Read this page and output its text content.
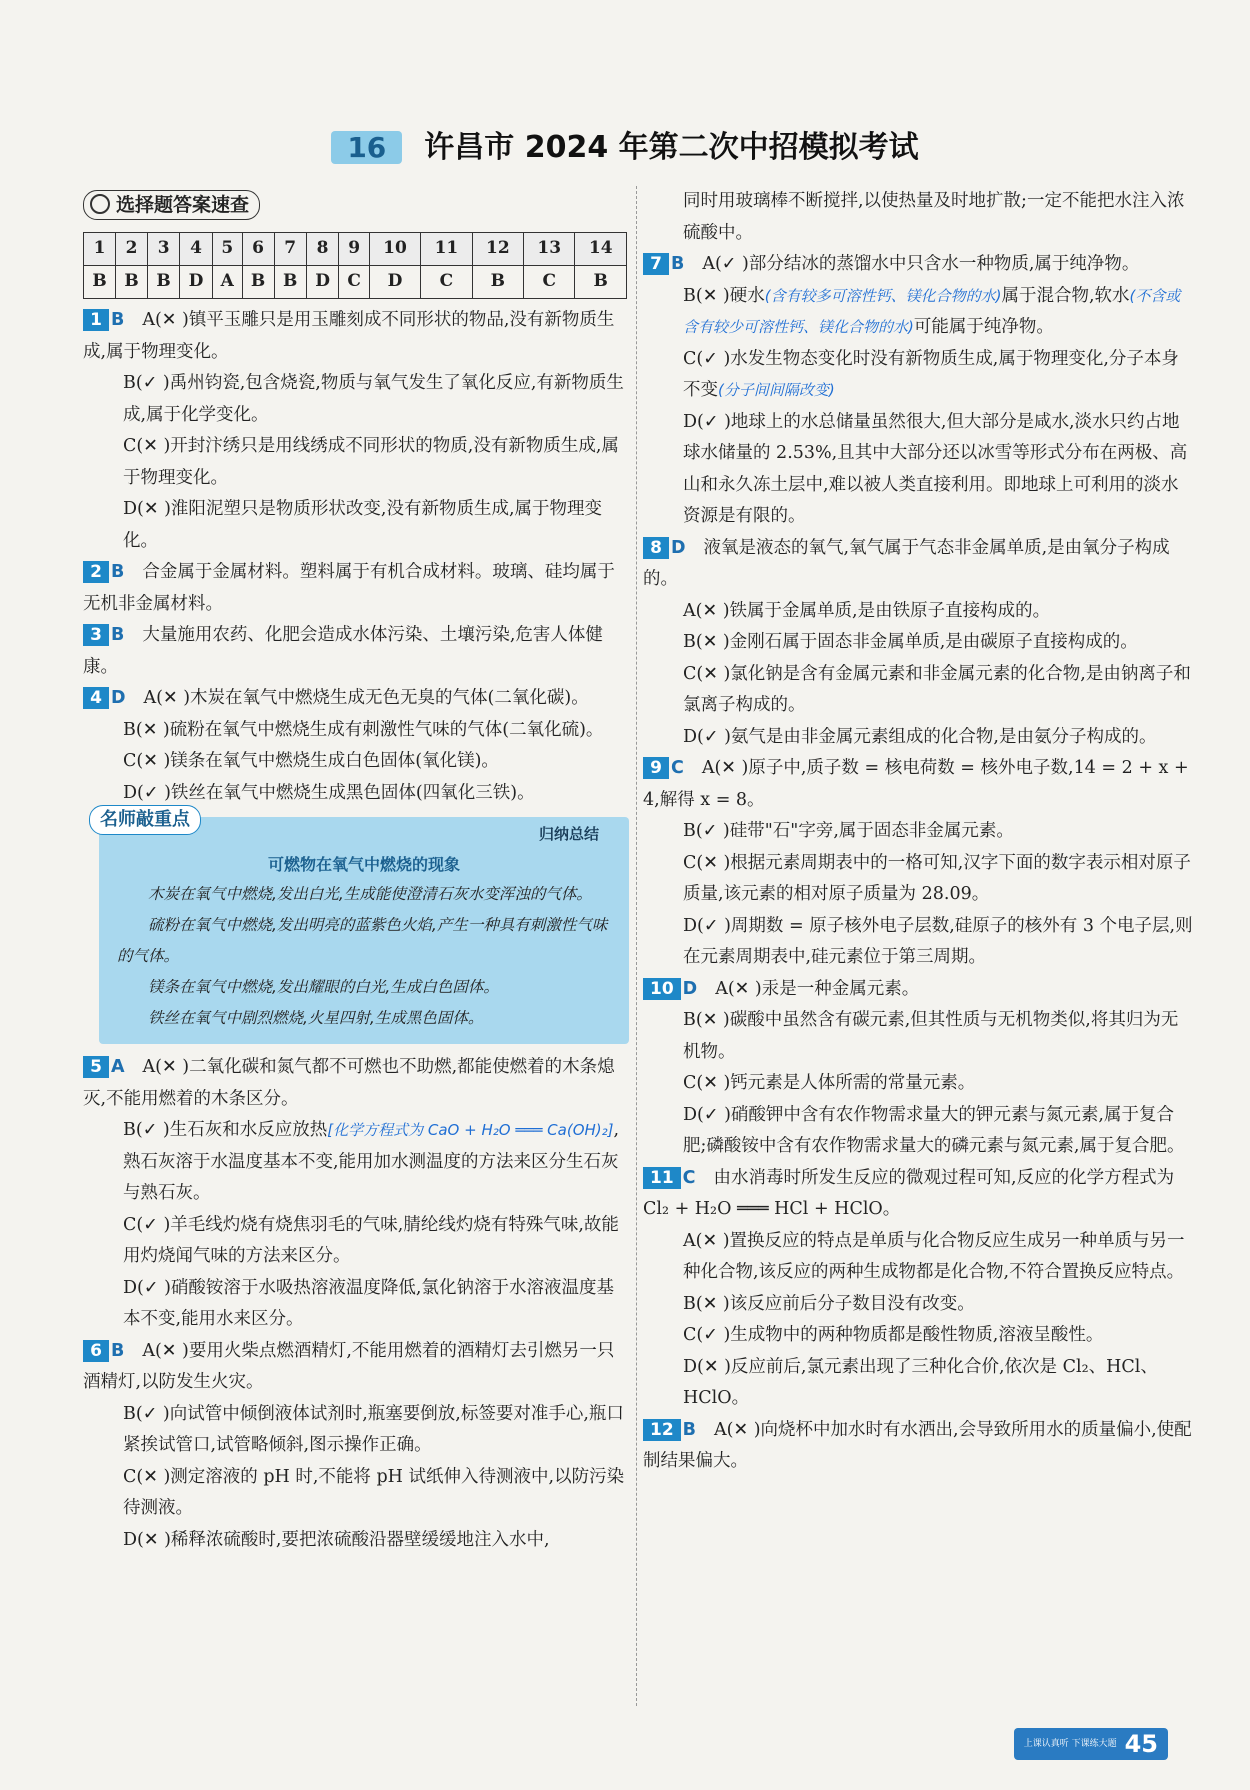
16 许昌市 2024 年第二次中招模拟考试
选择题答案速查
1	2	3	4	5	6	7	8	9	10	11	12	13	14
B	B	B	D	A	B	B	D	C	D	C	B	C	B
1 B A(✕ )镇平玉雕只是用玉雕刻成不同形状的物品,没有新物质生成,属于物理变化。
B(✓ )禹州钧瓷,包含烧瓷,物质与氧气发生了氧化反应,有新物质生成,属于化学变化。
C(✕ )开封汴绣只是用线绣成不同形状的物质,没有新物质生成,属于物理变化。
D(✕ )淮阳泥塑只是物质形状改变,没有新物质生成,属于物理变化。
2 B 合金属于金属材料。塑料属于有机合成材料。玻璃、硅均属于无机非金属材料。
3 B 大量施用农药、化肥会造成水体污染、土壤污染,危害人体健康。
4 D A(✕ )木炭在氧气中燃烧生成无色无臭的气体(二氧化碳)。
B(✕ )硫粉在氧气中燃烧生成有刺激性气味的气体(二氧化硫)。
C(✕ )镁条在氧气中燃烧生成白色固体(氧化镁)。
D(✓ )铁丝在氧气中燃烧生成黑色固体(四氧化三铁)。
名师敲重点
归纳总结
可燃物在氧气中燃烧的现象

木炭在氧气中燃烧,发出白光,生成能使澄清石灰水变浑浊的气体。

硫粉在氧气中燃烧,发出明亮的蓝紫色火焰,产生一种具有刺激性气味的气体。

镁条在氧气中燃烧,发出耀眼的白光,生成白色固体。

铁丝在氧气中剧烈燃烧,火星四射,生成黑色固体。

5 A A(✕ )二氧化碳和氮气都不可燃也不助燃,都能使燃着的木条熄灭,不能用燃着的木条区分。
B(✓ )生石灰和水反应放热[化学方程式为 CaO + H₂O ═══ Ca(OH)₂],熟石灰溶于水温度基本不变,能用加水测温度的方法来区分生石灰与熟石灰。
C(✓ )羊毛线灼烧有烧焦羽毛的气味,腈纶线灼烧有特殊气味,故能用灼烧闻气味的方法来区分。
D(✓ )硝酸铵溶于水吸热溶液温度降低,氯化钠溶于水溶液温度基本不变,能用水来区分。
6 B A(✕ )要用火柴点燃酒精灯,不能用燃着的酒精灯去引燃另一只酒精灯,以防发生火灾。
B(✓ )向试管中倾倒液体试剂时,瓶塞要倒放,标签要对准手心,瓶口紧挨试管口,试管略倾斜,图示操作正确。
C(✕ )测定溶液的 pH 时,不能将 pH 试纸伸入待测液中,以防污染待测液。
D(✕ )稀释浓硫酸时,要把浓硫酸沿器壁缓缓地注入水中,
同时用玻璃棒不断搅拌,以使热量及时地扩散;一定不能把水注入浓硫酸中。
7 B A(✓ )部分结冰的蒸馏水中只含水一种物质,属于纯净物。
B(✕ )硬水(含有较多可溶性钙、镁化合物的水)属于混合物,软水(不含或含有较少可溶性钙、镁化合物的水)可能属于纯净物。
C(✓ )水发生物态变化时没有新物质生成,属于物理变化,分子本身不变(分子间间隔改变)
D(✓ )地球上的水总储量虽然很大,但大部分是咸水,淡水只约占地球水储量的 2.53%,且其中大部分还以冰雪等形式分布在两极、高山和永久冻土层中,难以被人类直接利用。即地球上可利用的淡水资源是有限的。
8 D 液氧是液态的氧气,氧气属于气态非金属单质,是由氧分子构成的。
A(✕ )铁属于金属单质,是由铁原子直接构成的。
B(✕ )金刚石属于固态非金属单质,是由碳原子直接构成的。
C(✕ )氯化钠是含有金属元素和非金属元素的化合物,是由钠离子和氯离子构成的。
D(✓ )氨气是由非金属元素组成的化合物,是由氨分子构成的。
9 C A(✕ )原子中,质子数 = 核电荷数 = 核外电子数,14 = 2 + x + 4,解得 x = 8。
B(✓ )硅带"石"字旁,属于固态非金属元素。
C(✕ )根据元素周期表中的一格可知,汉字下面的数字表示相对原子质量,该元素的相对原子质量为 28.09。
D(✓ )周期数 = 原子核外电子层数,硅原子的核外有 3 个电子层,则在元素周期表中,硅元素位于第三周期。
10 D A(✕ )汞是一种金属元素。
B(✕ )碳酸中虽然含有碳元素,但其性质与无机物类似,将其归为无机物。
C(✕ )钙元素是人体所需的常量元素。
D(✓ )硝酸钾中含有农作物需求量大的钾元素与氮元素,属于复合肥;磷酸铵中含有农作物需求量大的磷元素与氮元素,属于复合肥。
11 C 由水消毒时所发生反应的微观过程可知,反应的化学方程式为 Cl₂ + H₂O ═══ HCl + HClO。
A(✕ )置换反应的特点是单质与化合物反应生成另一种单质与另一种化合物,该反应的两种生成物都是化合物,不符合置换反应特点。
B(✕ )该反应前后分子数目没有改变。
C(✓ )生成物中的两种物质都是酸性物质,溶液呈酸性。
D(✕ )反应前后,氯元素出现了三种化合价,依次是 Cl₂、HCl、HClO。
12 B A(✕ )向烧杯中加水时有水洒出,会导致所用水的质量偏小,使配制结果偏大。
$^{上课认真听 下课练大题}$ 45
